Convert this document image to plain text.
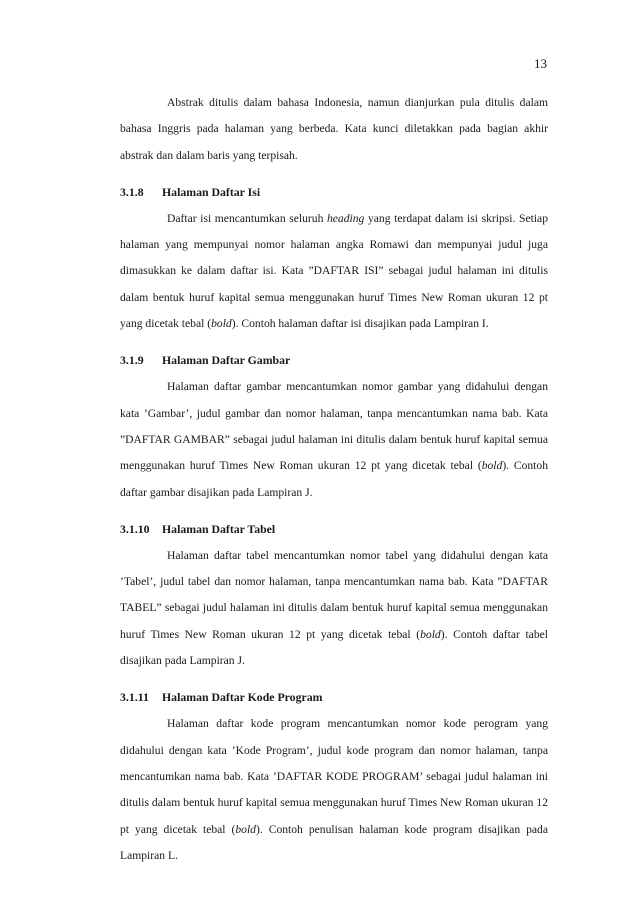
13

Abstrak ditulis dalam bahasa Indonesia, namun dianjurkan pula ditulis dalam bahasa Inggris pada halaman yang berbeda. Kata kunci diletakkan pada bagian akhir abstrak dan dalam baris yang terpisah.

3.1.8 Halaman Daftar Isi

Daftar isi mencantumkan seluruh heading yang terdapat dalam isi skripsi. Setiap halaman yang mempunyai nomor halaman angka Romawi dan mempunyai judul juga dimasukkan ke dalam daftar isi. Kata ”DAFTAR ISI” sebagai judul halaman ini ditulis dalam bentuk huruf kapital semua menggunakan huruf Times New Roman ukuran 12 pt yang dicetak tebal (bold). Contoh halaman daftar isi disajikan pada Lampiran I.

3.1.9 Halaman Daftar Gambar

Halaman daftar gambar mencantumkan nomor gambar yang didahului dengan kata ’Gambar’, judul gambar dan nomor halaman, tanpa mencantumkan nama bab. Kata ”DAFTAR GAMBAR” sebagai judul halaman ini ditulis dalam bentuk huruf kapital semua menggunakan huruf Times New Roman ukuran 12 pt yang dicetak tebal (bold). Contoh daftar gambar disajikan pada Lampiran J.

3.1.10 Halaman Daftar Tabel

Halaman daftar tabel mencantumkan nomor tabel yang didahului dengan kata ’Tabel’, judul tabel dan nomor halaman, tanpa mencantumkan nama bab. Kata ”DAFTAR TABEL” sebagai judul halaman ini ditulis dalam bentuk huruf kapital semua menggunakan huruf Times New Roman ukuran 12 pt yang dicetak tebal (bold). Contoh daftar tabel disajikan pada Lampiran J.

3.1.11 Halaman Daftar Kode Program

Halaman daftar kode program mencantumkan nomor kode perogram yang didahului dengan kata ’Kode Program’, judul kode program dan nomor halaman, tanpa mencantumkan nama bab. Kata ’DAFTAR KODE PROGRAM’ sebagai judul halaman ini ditulis dalam bentuk huruf kapital semua menggunakan huruf Times New Roman ukuran 12 pt yang dicetak tebal (bold). Contoh penulisan halaman kode program disajikan pada Lampiran L.
